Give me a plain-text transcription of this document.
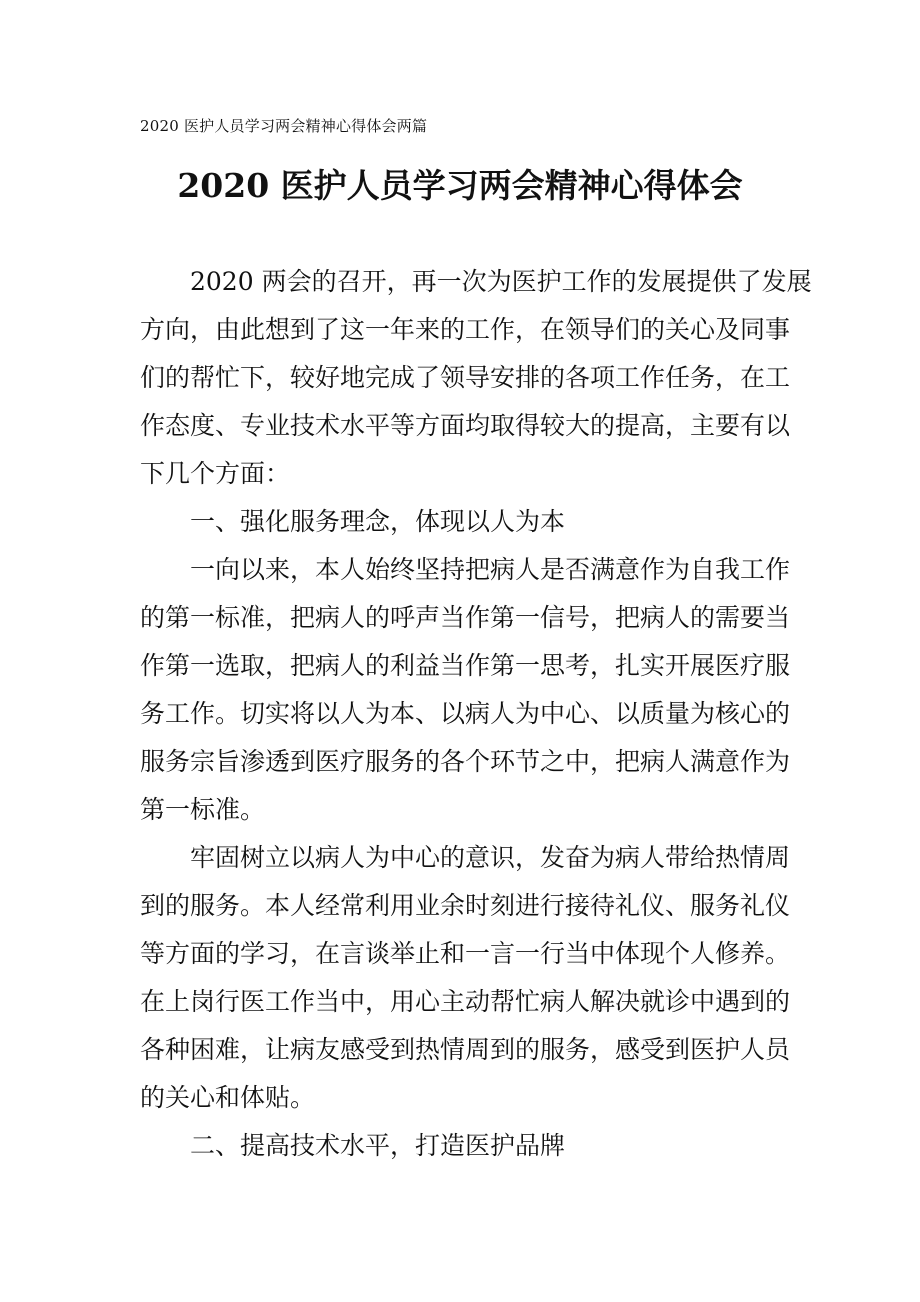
2020 医护人员学习两会精神心得体会两篇
2020 医护人员学习两会精神心得体会
2020 两会的召开，再一次为医护工作的发展提供了发展
方向，由此想到了这一年来的工作，在领导们的关心及同事
们的帮忙下，较好地完成了领导安排的各项工作任务，在工
作态度、专业技术水平等方面均取得较大的提高，主要有以
下几个方面：
一、强化服务理念，体现以人为本
一向以来，本人始终坚持把病人是否满意作为自我工作
的第一标准，把病人的呼声当作第一信号，把病人的需要当
作第一选取，把病人的利益当作第一思考，扎实开展医疗服
务工作。切实将以人为本、以病人为中心、以质量为核心的
服务宗旨渗透到医疗服务的各个环节之中，把病人满意作为
第一标准。
牢固树立以病人为中心的意识，发奋为病人带给热情周
到的服务。本人经常利用业余时刻进行接待礼仪、服务礼仪
等方面的学习，在言谈举止和一言一行当中体现个人修养。
在上岗行医工作当中，用心主动帮忙病人解决就诊中遇到的
各种困难，让病友感受到热情周到的服务，感受到医护人员
的关心和体贴。
二、提高技术水平，打造医护品牌
